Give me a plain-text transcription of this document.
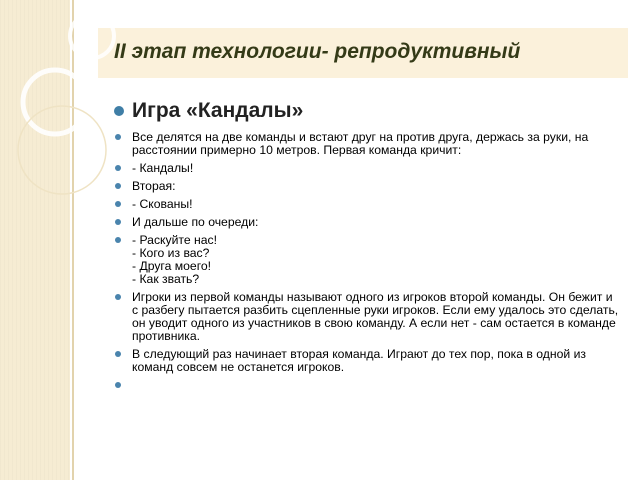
II этап технологии- репродуктивный
Игра «Кандалы»
Все делятся на две команды и встают друг на против друга, держась за руки, на расстоянии примерно 10 метров. Первая команда кричит:
- Кандалы!
Вторая:
- Скованы!
И дальше по очереди:
- Раскуйте нас!
- Кого из вас?
- Друга моего!
- Как звать?
Игроки из первой команды называют одного из игроков второй команды. Он бежит и с разбегу пытается разбить сцепленные руки игроков. Если ему удалось это сделать, он уводит одного из участников в свою команду. А если нет - сам остается в команде противника.
В следующий раз начинает вторая команда. Играют до тех пор, пока в одной из команд совсем не останется игроков.
